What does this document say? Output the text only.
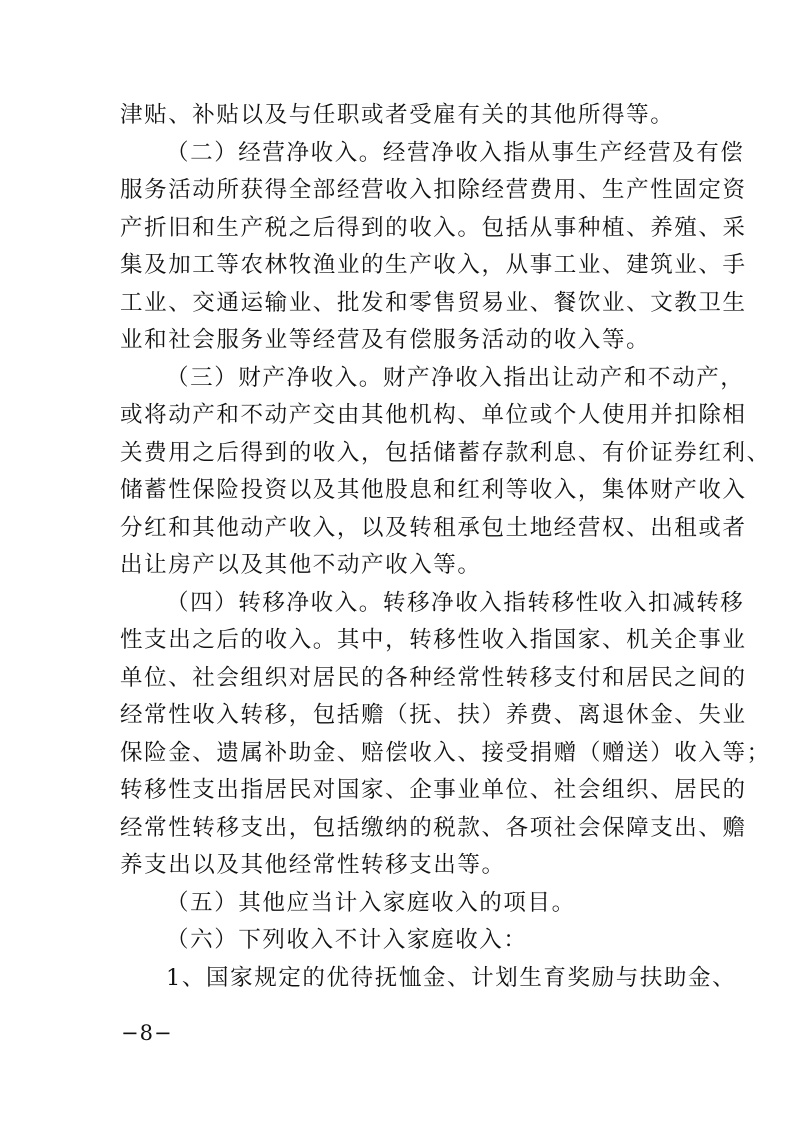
津贴、补贴以及与任职或者受雇有关的其他所得等。
（二）经营净收入。经营净收入指从事生产经营及有偿
服务活动所获得全部经营收入扣除经营费用、生产性固定资
产折旧和生产税之后得到的收入。包括从事种植、养殖、采
集及加工等农林牧渔业的生产收入，从事工业、建筑业、手
工业、交通运输业、批发和零售贸易业、餐饮业、文教卫生
业和社会服务业等经营及有偿服务活动的收入等。
（三）财产净收入。财产净收入指出让动产和不动产，
或将动产和不动产交由其他机构、单位或个人使用并扣除相
关费用之后得到的收入，包括储蓄存款利息、有价证券红利、
储蓄性保险投资以及其他股息和红利等收入，集体财产收入
分红和其他动产收入，以及转租承包土地经营权、出租或者
出让房产以及其他不动产收入等。
（四）转移净收入。转移净收入指转移性收入扣减转移
性支出之后的收入。其中，转移性收入指国家、机关企事业
单位、社会组织对居民的各种经常性转移支付和居民之间的
经常性收入转移，包括赡（抚、扶）养费、离退休金、失业
保险金、遗属补助金、赔偿收入、接受捐赠（赠送）收入等；
转移性支出指居民对国家、企事业单位、社会组织、居民的
经常性转移支出，包括缴纳的税款、各项社会保障支出、赡
养支出以及其他经常性转移支出等。
（五）其他应当计入家庭收入的项目。
（六）下列收入不计入家庭收入：
1、国家规定的优待抚恤金、计划生育奖励与扶助金、
−8−
